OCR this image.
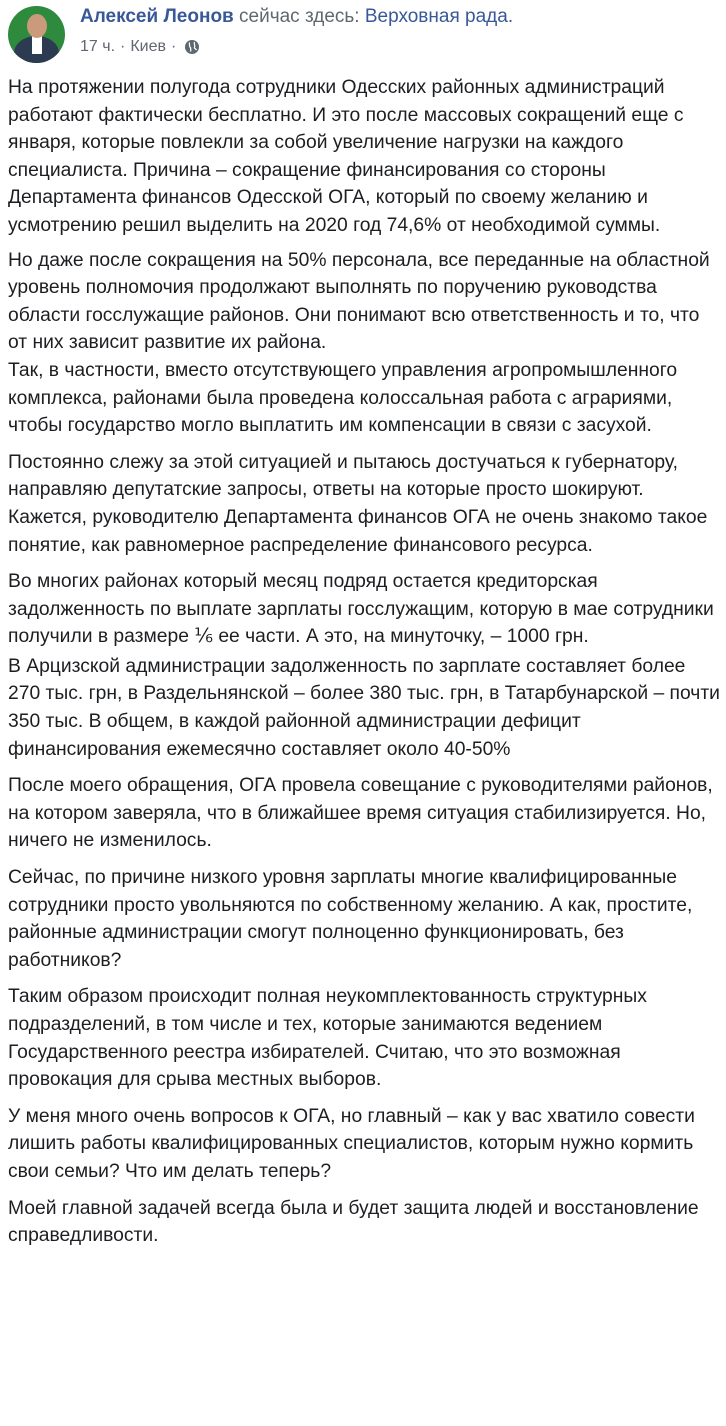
Алексей Леонов сейчас здесь: Верховная рада.
17 ч. · Киев ·

На протяжении полугода сотрудники Одесских районных администраций работают фактически бесплатно. И это после массовых сокращений еще с января, которые повлекли за собой увеличение нагрузки на каждого специалиста. Причина – сокращение финансирования со стороны Департамента финансов Одесской ОГА, который по своему желанию и усмотрению решил выделить на 2020 год 74,6% от необходимой суммы.

Но даже после сокращения на 50% персонала, все переданные на областной уровень полномочия продолжают выполнять по поручению руководства области госслужащие районов. Они понимают всю ответственность и то, что от них зависит развитие их района.

Так, в частности, вместо отсутствующего управления агропромышленного комплекса, районами была проведена колоссальная работа с аграриями, чтобы государство могло выплатить им компенсации в связи с засухой.

Постоянно слежу за этой ситуацией и пытаюсь достучаться к губернатору, направляю депутатские запросы, ответы на которые просто шокируют. Кажется, руководителю Департамента финансов ОГА не очень знакомо такое понятие, как равномерное распределение финансового ресурса.

Во многих районах который месяц подряд остается кредиторская задолженность по выплате зарплаты госслужащим, которую в мае сотрудники получили в размере ⅙ ее части. А это, на минуточку, – 1000 грн.

В Арцизской администрации задолженность по зарплате составляет более 270 тыс. грн, в Раздельнянской – более 380 тыс. грн, в Татарбунарской – почти 350 тыс. В общем, в каждой районной администрации дефицит финансирования ежемесячно составляет около 40-50%

После моего обращения, ОГА провела совещание с руководителями районов, на котором заверяла, что в ближайшее время ситуация стабилизируется. Но, ничего не изменилось.

Сейчас, по причине низкого уровня зарплаты многие квалифицированные сотрудники просто увольняются по собственному желанию. А как, простите, районные администрации смогут полноценно функционировать, без работников?

Таким образом происходит полная неукомплектованность структурных подразделений, в том числе и тех, которые занимаются ведением Государственного реестра избирателей. Считаю, что это возможная провокация для срыва местных выборов.

У меня много очень вопросов к ОГА, но главный – как у вас хватило совести лишить работы квалифицированных специалистов, которым нужно кормить свои семьи? Что им делать теперь?

Моей главной задачей всегда была и будет защита людей и восстановление справедливости.
